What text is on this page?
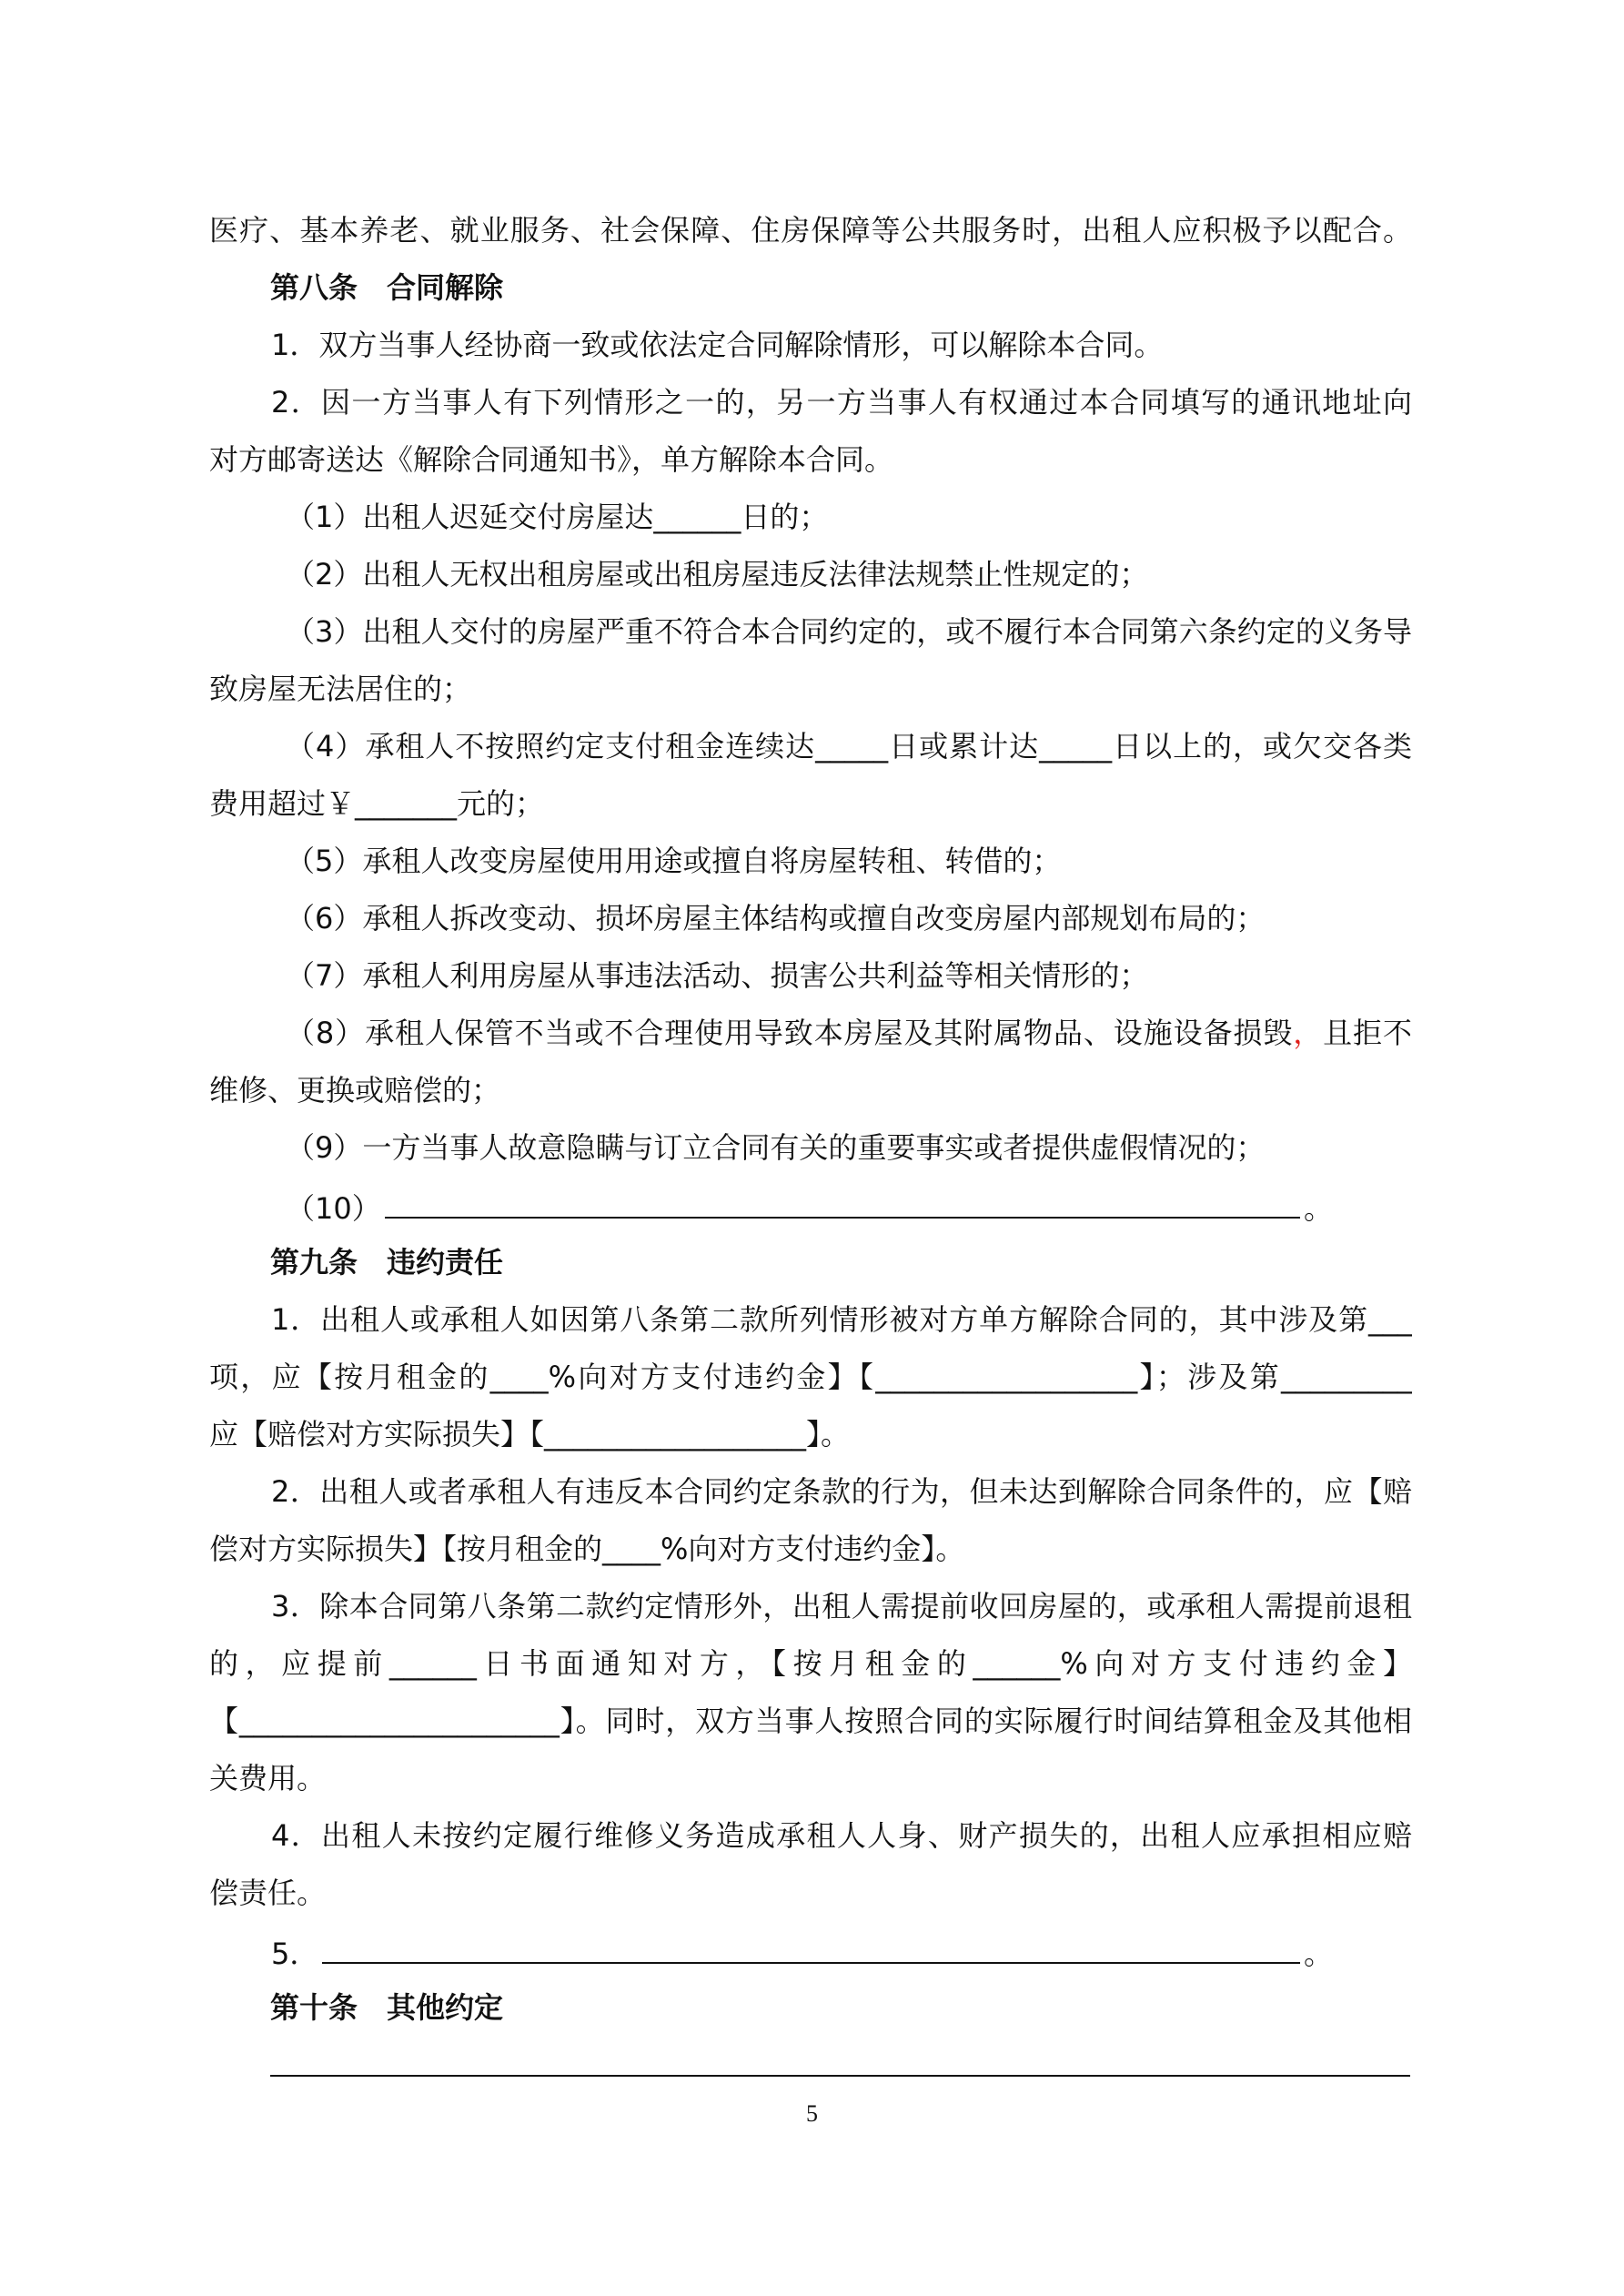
医疗、基本养老、就业服务、社会保障、住房保障等公共服务时，出租人应积极予以配合。
第八条　合同解除
1．双方当事人经协商一致或依法定合同解除情形，可以解除本合同。
2．因一方当事人有下列情形之一的，另一方当事人有权通过本合同填写的通讯地址向
对方邮寄送达《解除合同通知书》，单方解除本合同。
（1）出租人迟延交付房屋达______日的；
（2）出租人无权出租房屋或出租房屋违反法律法规禁止性规定的；
（3）出租人交付的房屋严重不符合本合同约定的，或不履行本合同第六条约定的义务导
致房屋无法居住的；
（4）承租人不按照约定支付租金连续达_____日或累计达_____日以上的，或欠交各类
费用超过￥_______元的；
（5）承租人改变房屋使用用途或擅自将房屋转租、转借的；
（6）承租人拆改变动、损坏房屋主体结构或擅自改变房屋内部规划布局的；
（7）承租人利用房屋从事违法活动、损害公共利益等相关情形的；
（8）承租人保管不当或不合理使用导致本房屋及其附属物品、设施设备损毁，且拒不
维修、更换或赔偿的；
（9）一方当事人故意隐瞒与订立合同有关的重要事实或者提供虚假情况的；
（10）	。
第九条　违约责任
1．出租人或承租人如因第八条第二款所列情形被对方单方解除合同的，其中涉及第___
项，应【按月租金的____%向对方支付违约金】【__________________】；涉及第_________
应【赔偿对方实际损失】【__________________】。
2．出租人或者承租人有违反本合同约定条款的行为，但未达到解除合同条件的，应【赔
偿对方实际损失】【按月租金的____%向对方支付违约金】。
3．除本合同第八条第二款约定情形外，出租人需提前收回房屋的，或承租人需提前退租
的，应提前______日书面通知对方，【按月租金的______%向对方支付违约金】
【______________________】。同时，双方当事人按照合同的实际履行时间结算租金及其他相
关费用。
4．出租人未按约定履行维修义务造成承租人人身、财产损失的，出租人应承担相应赔
偿责任。
5．	。
第十条　其他约定
5
